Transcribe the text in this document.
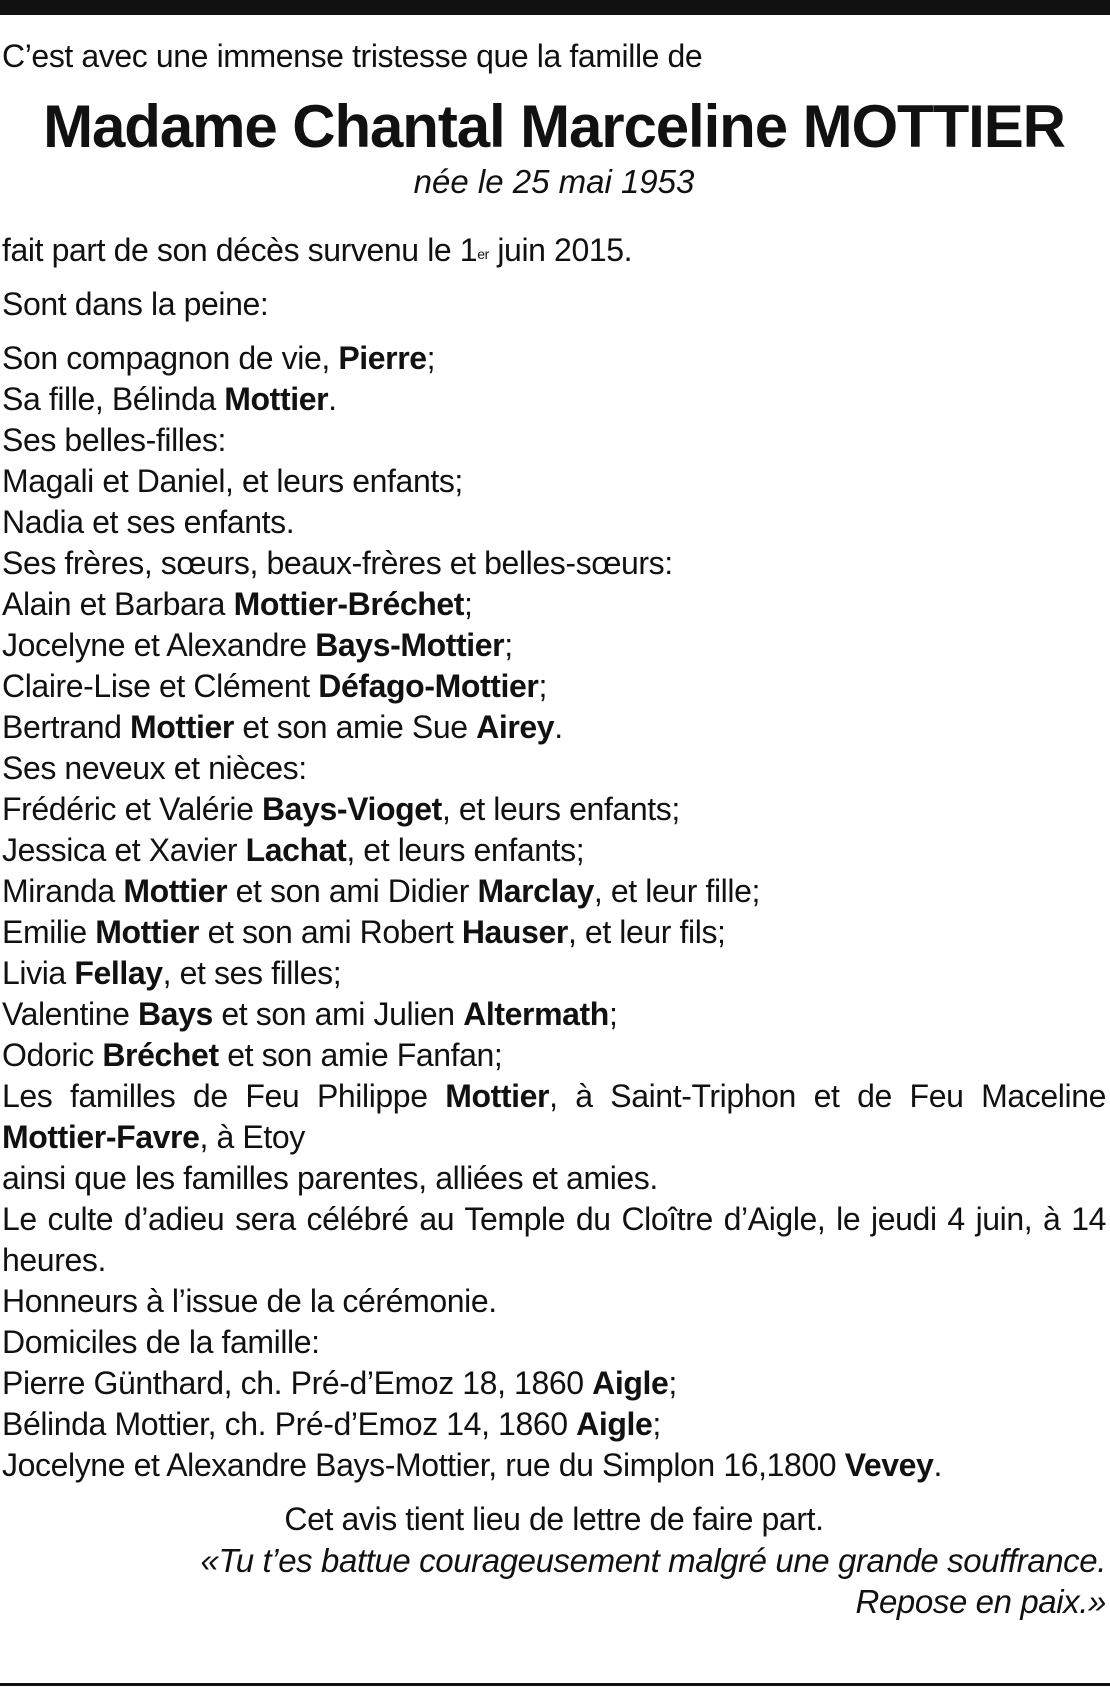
C’est avec une immense tristesse que la famille de

Madame Chantal Marceline MOTTIER

née le 25 mai 1953

fait part de son décès survenu le 1er juin 2015.

Sont dans la peine:

Son compagnon de vie, Pierre;

Sa fille, Bélinda Mottier.

Ses belles-filles:

Magali et Daniel, et leurs enfants;

Nadia et ses enfants.

Ses frères, sœurs, beaux-frères et belles-sœurs:

Alain et Barbara Mottier-Bréchet;

Jocelyne et Alexandre Bays-Mottier;

Claire-Lise et Clément Défago-Mottier;

Bertrand Mottier et son amie Sue Airey.

Ses neveux et nièces:

Frédéric et Valérie Bays-Vioget, et leurs enfants;

Jessica et Xavier Lachat, et leurs enfants;

Miranda Mottier et son ami Didier Marclay, et leur fille;

Emilie Mottier et son ami Robert Hauser, et leur fils;

Livia Fellay, et ses filles;

Valentine Bays et son ami Julien Altermath;

Odoric Bréchet et son amie Fanfan;

Les familles de Feu Philippe Mottier, à Saint-Triphon et de Feu Maceline Mottier-Favre, à Etoy

ainsi que les familles parentes, alliées et amies.

Le culte d’adieu sera célébré au Temple du Cloître d’Aigle, le jeudi 4 juin, à 14 heures.

Honneurs à l’issue de la cérémonie.

Domiciles de la famille:

Pierre Günthard, ch. Pré-d’Emoz 18, 1860 Aigle;

Bélinda Mottier, ch. Pré-d’Emoz 14, 1860 Aigle;

Jocelyne et Alexandre Bays-Mottier, rue du Simplon 16,1800 Vevey.

Cet avis tient lieu de lettre de faire part.

«Tu t’es battue courageusement malgré une grande souffrance.
Repose en paix.»
